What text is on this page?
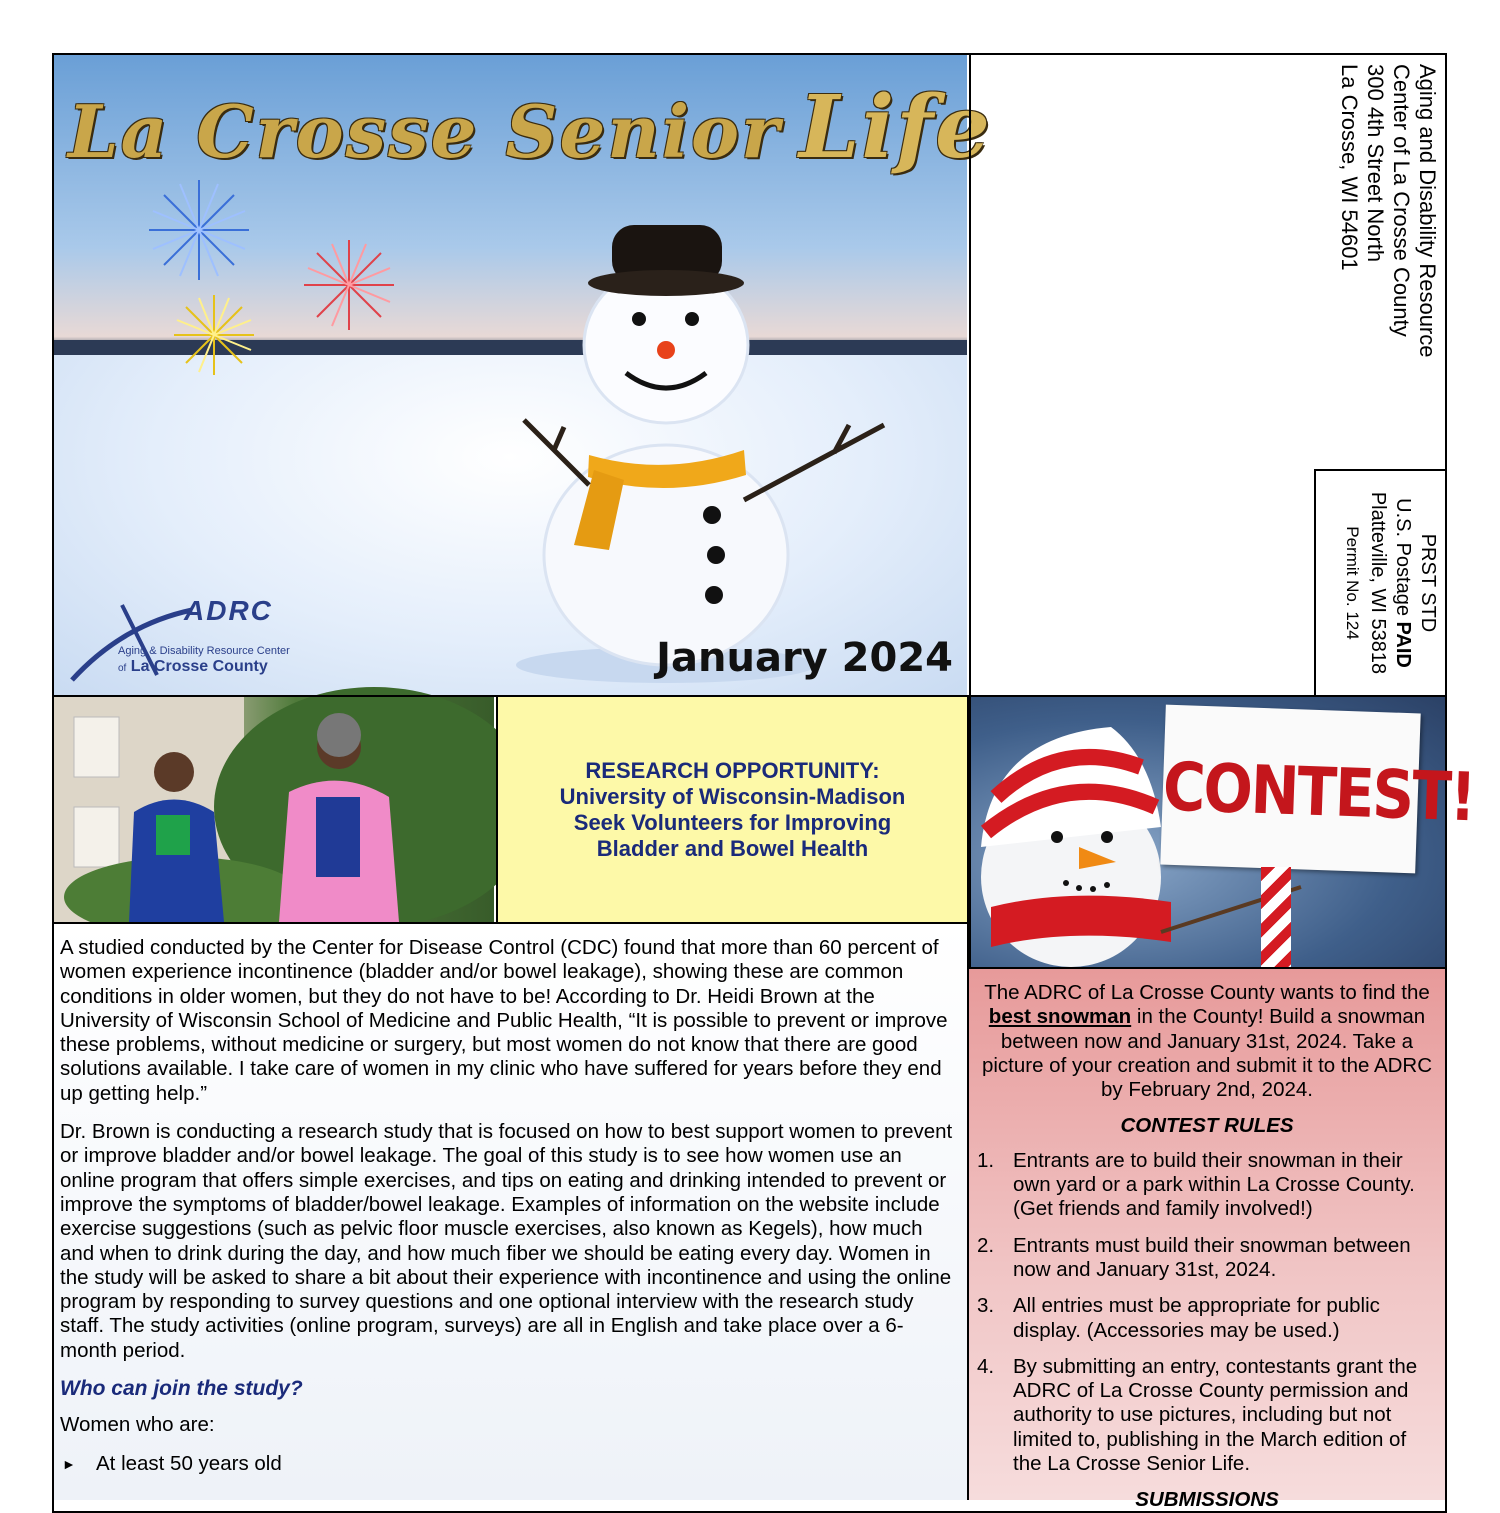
La Crosse Senior Life
ADRC
Aging & Disability Resource Center
of La Crosse County	January 2024
Aging and Disability Resource
Center of La Crosse County
300 4th Street North
La Crosse, WI 54601
PRST STD
U.S. Postage PAID
Platteville, WI 53818
Permit No. 124
RESEARCH OPPORTUNITY:
University of Wisconsin-Madison
Seek Volunteers for Improving
Bladder and Bowel Health
CONTEST!

A studied conducted by the Center for Disease Control (CDC) found that more than 60 percent of women experience incontinence (bladder and/or bowel leakage), showing these are common conditions in older women, but they do not have to be! According to Dr. Heidi Brown at the University of Wisconsin School of Medicine and Public Health, “It is possible to prevent or improve these problems, without medicine or surgery, but most women do not know that there are good solutions available. I take care of women in my clinic who have suffered for years before they end up getting help.”

Dr. Brown is conducting a research study that is focused on how to best support women to prevent or improve bladder and/or bowel leakage. The goal of this study is to see how women use an online program that offers simple exercises, and tips on eating and drinking intended to prevent or improve the symptoms of bladder/bowel leakage. Examples of information on the website include exercise suggestions (such as pelvic floor muscle exercises, also known as Kegels), how much and when to drink during the day, and how much fiber we should be eating every day. Women in the study will be asked to share a bit about their experience with incontinence and using the online program by responding to survey questions and one optional interview with the research study staff. The study activities (online program, surveys) are all in English and take place over a 6-month period.

Who can join the study?

Women who are:

► At least 50 years old

The ADRC of La Crosse County wants to find the best snowman in the County! Build a snowman between now and January 31st, 2024. Take a picture of your creation and submit it to the ADRC by February 2nd, 2024.

CONTEST RULES

1. Entrants are to build their snowman in their own yard or a park within La Crosse County. (Get friends and family involved!)
2. Entrants must build their snowman between now and January 31st, 2024.
3. All entries must be appropriate for public display. (Accessories may be used.)
4. By submitting an entry, contestants grant the ADRC of La Crosse County permission and authority to use pictures, including but not limited to, publishing in the March edition of the La Crosse Senior Life.
SUBMISSIONS
